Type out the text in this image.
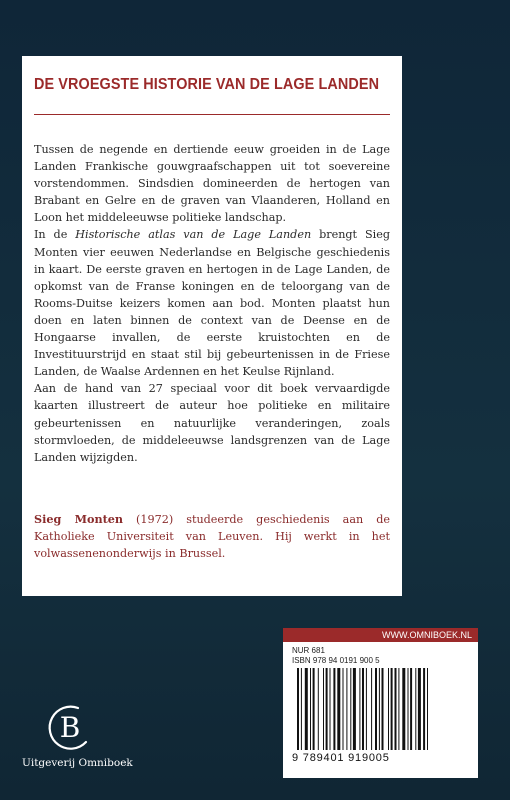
DE VROEGSTE HISTORIE VAN DE LAGE LANDEN

Tussen de negende en dertiende eeuw groeiden in de Lage Landen Frankische gouwgraafschappen uit tot soevereine vorstendommen. Sindsdien domineerden de hertogen van Brabant en Gelre en de graven van Vlaanderen, Holland en Loon het middeleeuwse politieke landschap.

In de Historische atlas van de Lage Landen brengt Sieg Monten vier eeuwen Nederlandse en Belgische geschiedenis in kaart. De eerste graven en hertogen in de Lage Landen, de opkomst van de Franse koningen en de teloorgang van de Rooms-Duitse keizers komen aan bod. Monten plaatst hun doen en laten binnen de context van de Deense en de Hongaarse invallen, de eerste kruistochten en de Investituurstrijd en staat stil bij gebeurtenissen in de Friese Landen, de Waalse Ardennen en het Keulse Rijnland.

Aan de hand van 27 speciaal voor dit boek vervaardigde kaarten illustreert de auteur hoe politieke en militaire gebeurtenissen en natuurlijke veranderingen, zoals stormvloeden, de middeleeuwse landsgrenzen van de Lage Landen wijzigden.

Sieg Monten (1972) studeerde geschiedenis aan de Katholieke Universiteit van Leuven. Hij werkt in het volwassenenonderwijs in Brussel.
B
Uitgeverij Omniboek
WWW.OMNIBOEK.NL
NUR 681
ISBN 978 94 0191 900 5
9 789401 919005
